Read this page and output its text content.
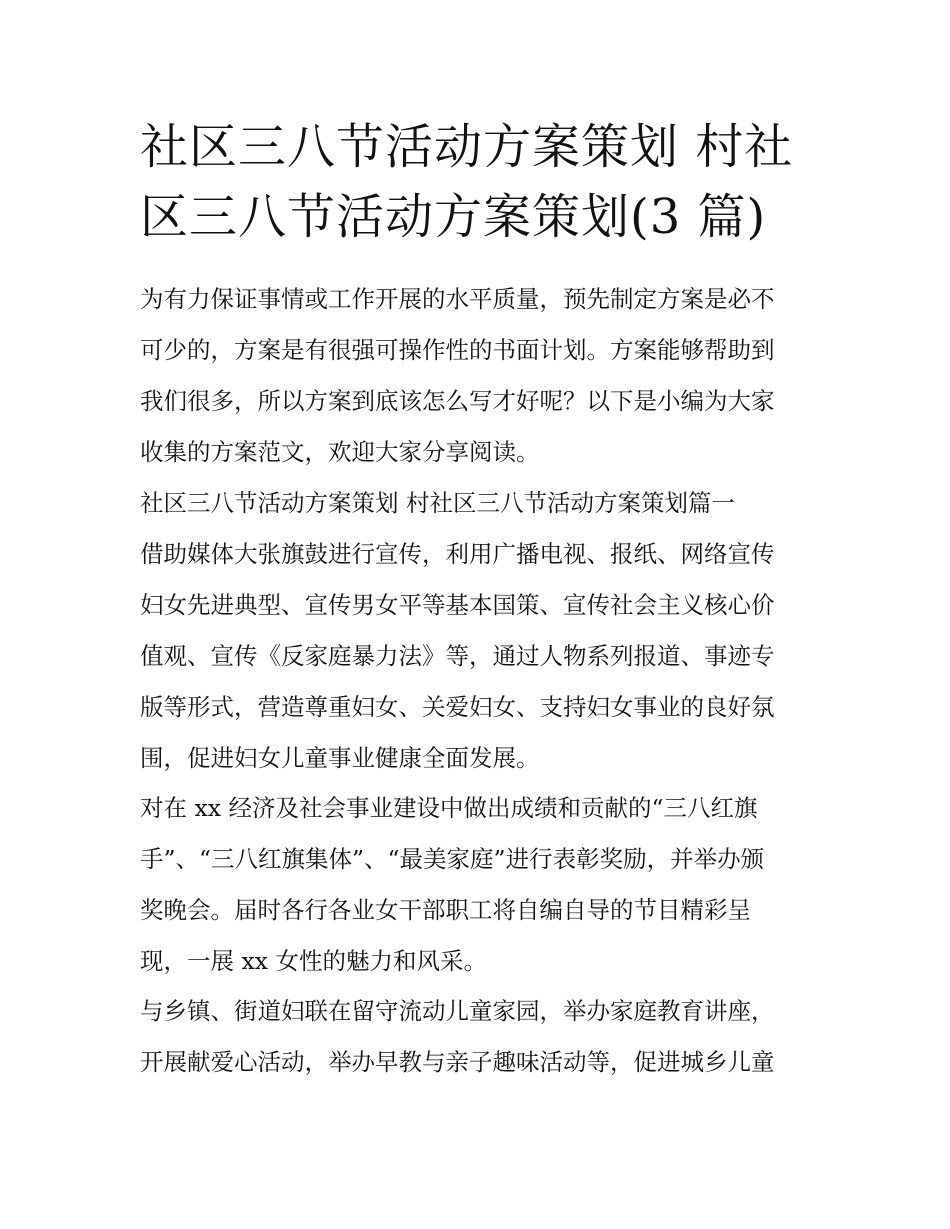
社区三八节活动方案策划 村社
区三八节活动方案策划(3 篇)

为有力保证事情或工作开展的水平质量，预先制定方案是必不
可少的，方案是有很强可操作性的书面计划。方案能够帮助到
我们很多，所以方案到底该怎么写才好呢？以下是小编为大家
收集的方案范文，欢迎大家分享阅读。

社区三八节活动方案策划 村社区三八节活动方案策划篇一

借助媒体大张旗鼓进行宣传，利用广播电视、报纸、网络宣传
妇女先进典型、宣传男女平等基本国策、宣传社会主义核心价
值观、宣传《反家庭暴力法》等，通过人物系列报道、事迹专
版等形式，营造尊重妇女、关爱妇女、支持妇女事业的良好氛
围，促进妇女儿童事业健康全面发展。

对在 xx 经济及社会事业建设中做出成绩和贡献的“三八红旗
手”、“三八红旗集体”、“最美家庭”进行表彰奖励，并举办颁
奖晚会。届时各行各业女干部职工将自编自导的节目精彩呈
现，一展 xx 女性的魅力和风采。

与乡镇、街道妇联在留守流动儿童家园，举办家庭教育讲座，
开展献爱心活动，举办早教与亲子趣味活动等，促进城乡儿童
